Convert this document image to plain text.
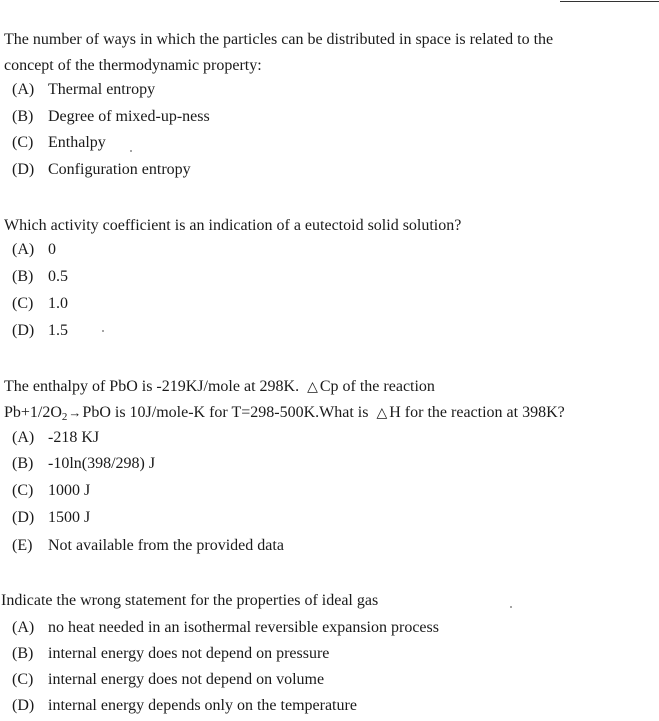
The number of ways in which the particles can be distributed in space is related to the
concept of the thermodynamic property:
(A) Thermal entropy
(B) Degree of mixed-up-ness
(C) Enthalpy
(D) Configuration entropy
Which activity coefficient is an indication of a eutectoid solid solution?
(A) 0
(B) 0.5
(C) 1.0
(D) 1.5
The enthalpy of PbO is -219KJ/mole at 298K. △ Cp of the reaction
$Pb+1/2O_2\to PbO$ is 10J/mole-K for T=298-500K.What is △ H for the reaction at 398K?
(A) -218 KJ
(B) -10ln(398/298) J
(C) 1000 J
(D) 1500 J
(E) Not available from the provided data
Indicate the wrong statement for the properties of ideal gas
(A) no heat needed in an isothermal reversible expansion process
(B) internal energy does not depend on pressure
(C) internal energy does not depend on volume
(D) internal energy depends only on the temperature
